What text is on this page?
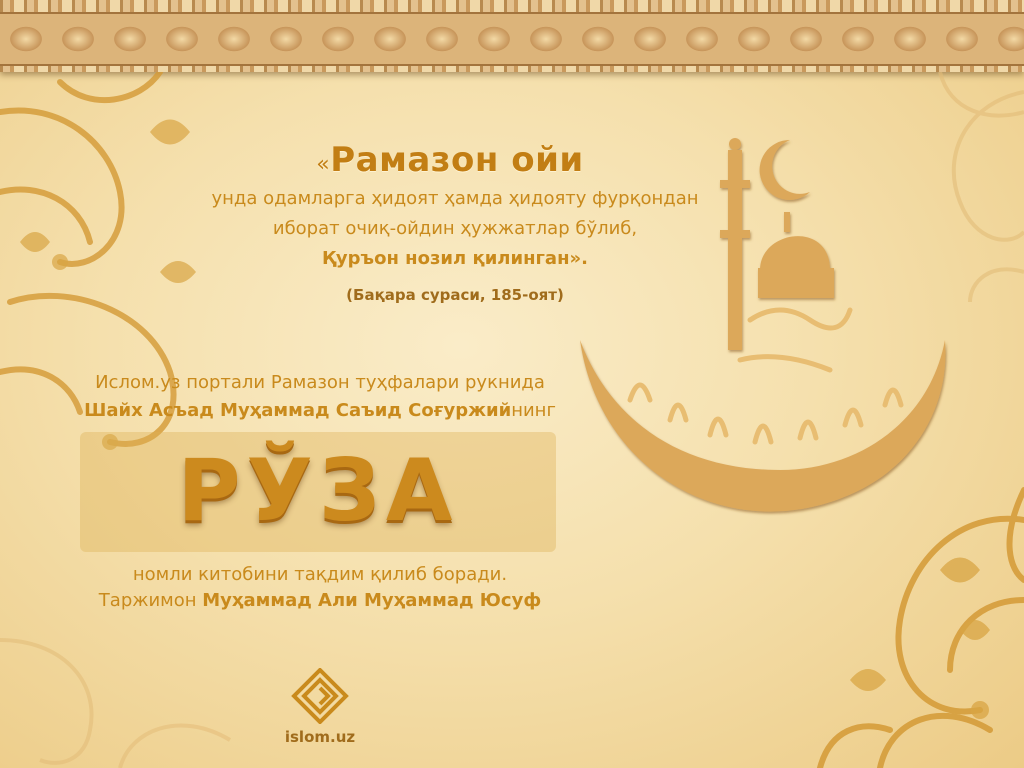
«Рамазон ойи
унда одамларга ҳидоят ҳамда ҳидояту фурқондан
иборат очиқ-ойдин ҳужжатлар бўлиб,
Қуръон нозил қилинган».
(Бақара сураси, 185-оят)
Ислом.уз портали Рамазон туҳфалари рукнида
Шайх Асъад Муҳаммад Саъид Соғуржийнинг
РЎЗА
номли китобини тақдим қилиб боради.
Таржимон Муҳаммад Али Муҳаммад Юсуф
islom.uz
